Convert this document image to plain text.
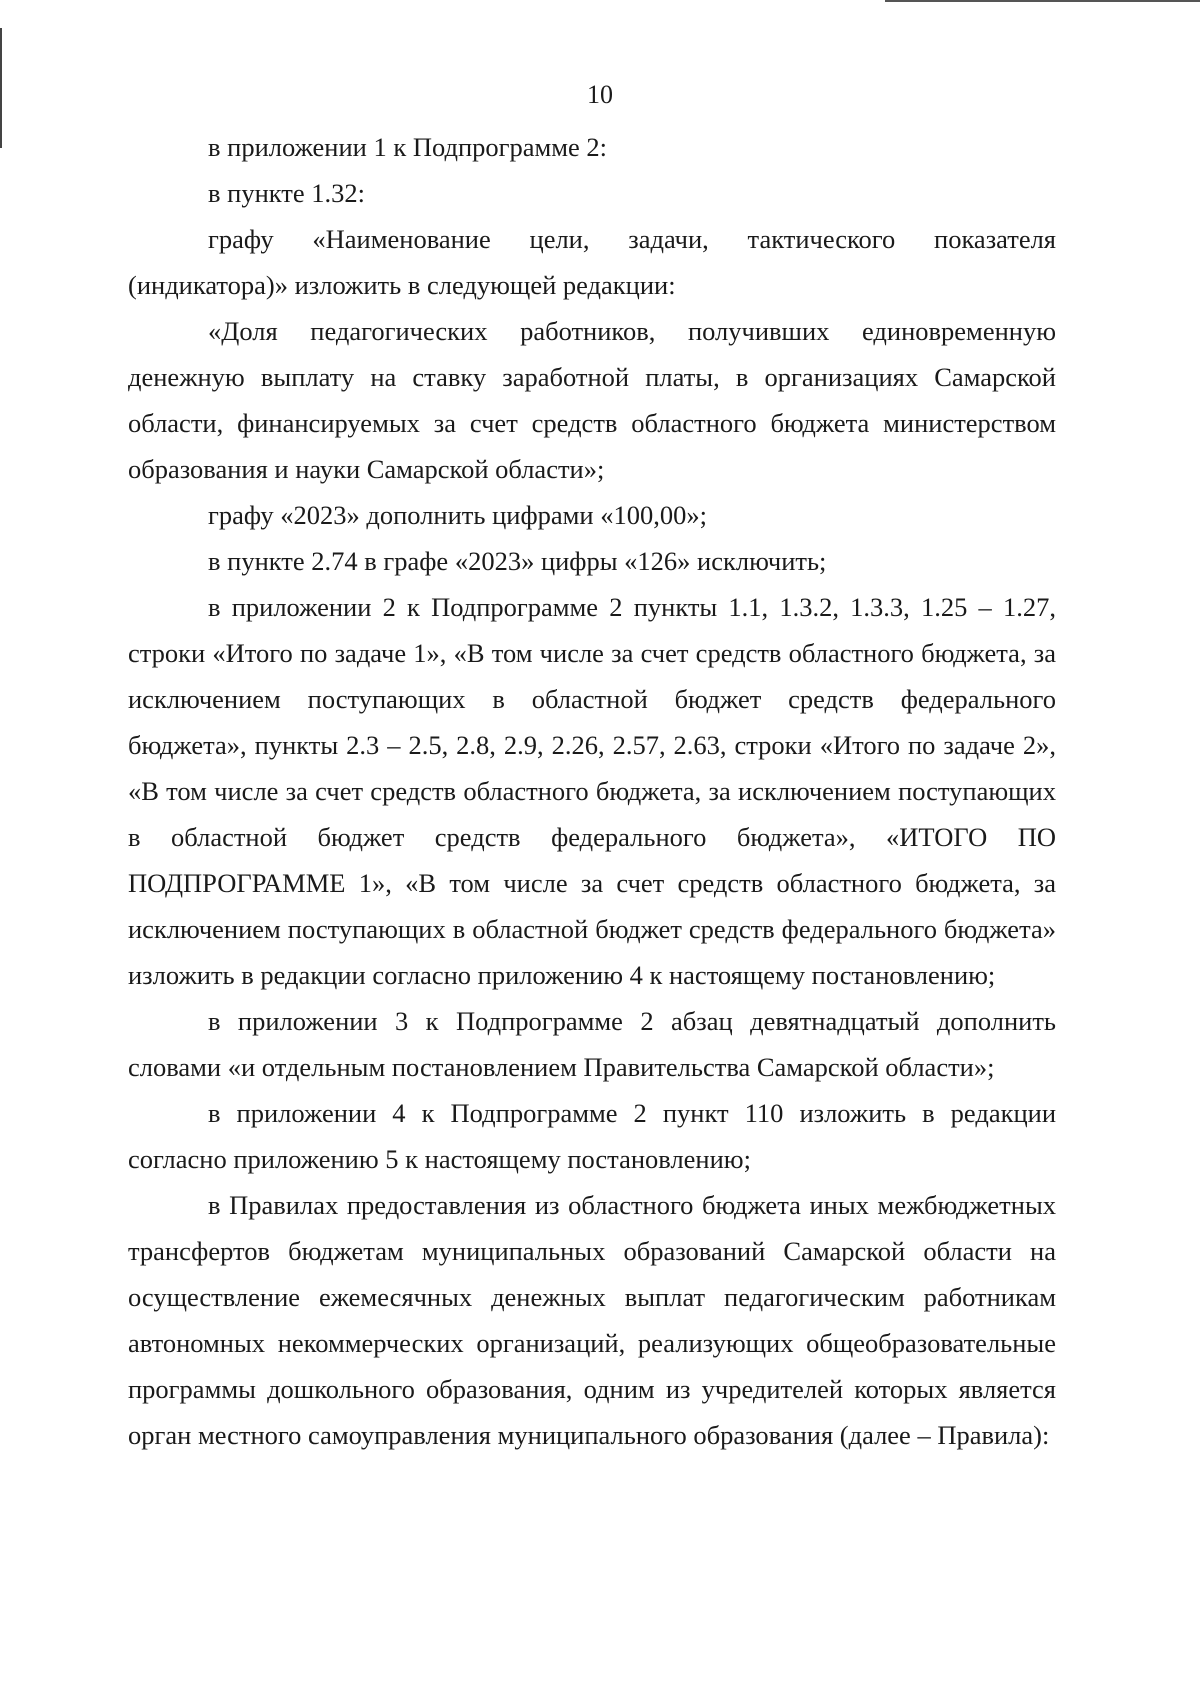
10

в приложении 1 к Подпрограмме 2:

в пункте 1.32:

графу «Наименование цели, задачи, тактического показателя (индикатора)» изложить в следующей редакции:

«Доля педагогических работников, получивших единовременную денежную выплату на ставку заработной платы, в организациях Самарской области, финансируемых за счет средств областного бюджета министерством образования и науки Самарской области»;

графу «2023» дополнить цифрами «100,00»;

в пункте 2.74 в графе «2023» цифры «126» исключить;

в приложении 2 к Подпрограмме 2 пункты 1.1, 1.3.2, 1.3.3, 1.25 – 1.27, строки «Итого по задаче 1», «В том числе за счет средств областного бюджета, за исключением поступающих в областной бюджет средств федерального бюджета», пункты 2.3 – 2.5, 2.8, 2.9, 2.26, 2.57, 2.63, строки «Итого по задаче 2», «В том числе за счет средств областного бюджета, за исключением поступающих в областной бюджет средств федерального бюджета», «ИТОГО ПО ПОДПРОГРАММЕ 1», «В том числе за счет средств областного бюджета, за исключением поступающих в областной бюджет средств федерального бюджета» изложить в редакции согласно приложению 4 к настоящему постановлению;

в приложении 3 к Подпрограмме 2 абзац девятнадцатый дополнить словами «и отдельным постановлением Правительства Самарской области»;

в приложении 4 к Подпрограмме 2 пункт 110 изложить в редакции согласно приложению 5 к настоящему постановлению;

в Правилах предоставления из областного бюджета иных межбюджетных трансфертов бюджетам муниципальных образований Самарской области на осуществление ежемесячных денежных выплат педагогическим работникам автономных некоммерческих организаций, реализующих общеобразовательные программы дошкольного образования, одним из учредителей которых является орган местного самоуправления муниципального образования (далее – Правила):
